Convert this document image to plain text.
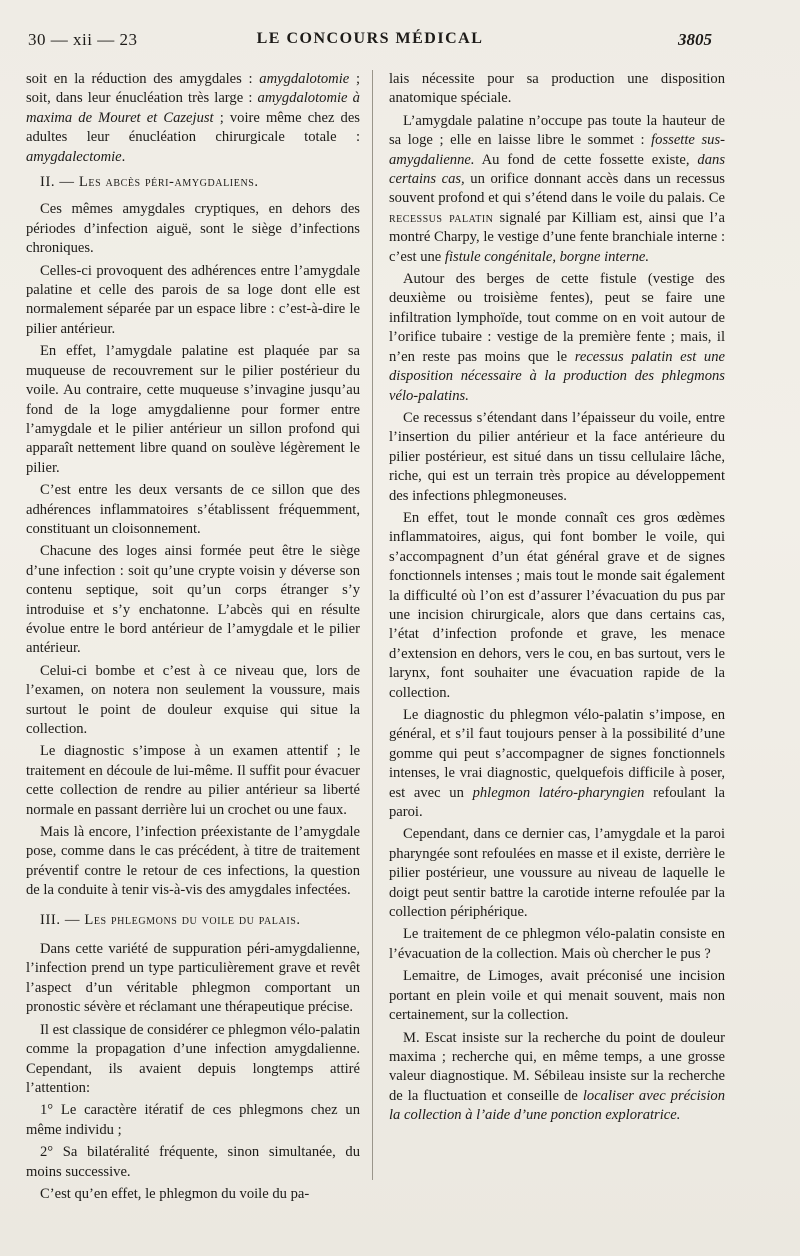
30 — xii — 23	LE CONCOURS MÉDICAL	3805

soit en la réduction des amygdales : amygdalotomie ; soit, dans leur énucléation très large : amygdalotomie à maxima de Mouret et Cazejust ; voire même chez des adultes leur énucléation chirurgicale totale : amygdalectomie.

II. — Les abcès péri-amygdaliens.

Ces mêmes amygdales cryptiques, en dehors des périodes d’infection aiguë, sont le siège d’infections chroniques.

Celles-ci provoquent des adhérences entre l’amygdale palatine et celle des parois de sa loge dont elle est normalement séparée par un espace libre : c’est-à-dire le pilier antérieur.

En effet, l’amygdale palatine est plaquée par sa muqueuse de recouvrement sur le pilier postérieur du voile. Au contraire, cette muqueuse s’invagine jusqu’au fond de la loge amygdalienne pour former entre l’amygdale et le pilier antérieur un sillon profond qui apparaît nettement libre quand on soulève légèrement le pilier.

C’est entre les deux versants de ce sillon que des adhérences inflammatoires s’établissent fréquemment, constituant un cloisonnement.

Chacune des loges ainsi formée peut être le siège d’une infection : soit qu’une crypte voisin y déverse son contenu septique, soit qu’un corps étranger s’y introduise et s’y enchatonne. L’abcès qui en résulte évolue entre le bord antérieur de l’amygdale et le pilier antérieur.

Celui-ci bombe et c’est à ce niveau que, lors de l’examen, on notera non seulement la voussure, mais surtout le point de douleur exquise qui situe la collection.

Le diagnostic s’impose à un examen attentif ; le traitement en découle de lui-même. Il suffit pour évacuer cette collection de rendre au pilier antérieur sa liberté normale en passant derrière lui un crochet ou une faux.

Mais là encore, l’infection préexistante de l’amygdale pose, comme dans le cas précédent, à titre de traitement préventif contre le retour de ces infections, la question de la conduite à tenir vis-à-vis des amygdales infectées.

III. — Les phlegmons du voile du palais.

Dans cette variété de suppuration péri-amygdalienne, l’infection prend un type particulièrement grave et revêt l’aspect d’un véritable phlegmon comportant un pronostic sévère et réclamant une thérapeutique précise.

Il est classique de considérer ce phlegmon vélo-palatin comme la propagation d’une infection amygdalienne. Cependant, ils avaient depuis longtemps attiré l’attention:

1° Le caractère itératif de ces phlegmons chez un même individu ;

2° Sa bilatéralité fréquente, sinon simultanée, du moins successive.

C’est qu’en effet, le phlegmon du voile du pa-

lais nécessite pour sa production une disposition anatomique spéciale.

L’amygdale palatine n’occupe pas toute la hauteur de sa loge ; elle en laisse libre le sommet : fossette sus-amygdalienne. Au fond de cette fossette existe, dans certains cas, un orifice donnant accès dans un recessus souvent profond et qui s’étend dans le voile du palais. Ce recessus palatin signalé par Killiam est, ainsi que l’a montré Charpy, le vestige d’une fente branchiale interne : c’est une fistule congénitale, borgne interne.

Autour des berges de cette fistule (vestige des deuxième ou troisième fentes), peut se faire une infiltration lymphoïde, tout comme on en voit autour de l’orifice tubaire : vestige de la première fente ; mais, il n’en reste pas moins que le recessus palatin est une disposition nécessaire à la production des phlegmons vélo-palatins.

Ce recessus s’étendant dans l’épaisseur du voile, entre l’insertion du pilier antérieur et la face antérieure du pilier postérieur, est situé dans un tissu cellulaire lâche, riche, qui est un terrain très propice au développement des infections phlegmoneuses.

En effet, tout le monde connaît ces gros œdèmes inflammatoires, aigus, qui font bomber le voile, qui s’accompagnent d’un état général grave et de signes fonctionnels intenses ; mais tout le monde sait également la difficulté où l’on est d’assurer l’évacuation du pus par une incision chirurgicale, alors que dans certains cas, l’état d’infection profonde et grave, les menace d’extension en dehors, vers le cou, en bas surtout, vers le larynx, font souhaiter une évacuation rapide de la collection.

Le diagnostic du phlegmon vélo-palatin s’impose, en général, et s’il faut toujours penser à la possibilité d’une gomme qui peut s’accompagner de signes fonctionnels intenses, le vrai diagnostic, quelquefois difficile à poser, est avec un phlegmon latéro-pharyngien refoulant la paroi.

Cependant, dans ce dernier cas, l’amygdale et la paroi pharyngée sont refoulées en masse et il existe, derrière le pilier postérieur, une voussure au niveau de laquelle le doigt peut sentir battre la carotide interne refoulée par la collection périphérique.

Le traitement de ce phlegmon vélo-palatin consiste en l’évacuation de la collection. Mais où chercher le pus ?

Lemaitre, de Limoges, avait préconisé une incision portant en plein voile et qui menait souvent, mais non certainement, sur la collection.

M. Escat insiste sur la recherche du point de douleur maxima ; recherche qui, en même temps, a une grosse valeur diagnostique. M. Sébileau insiste sur la recherche de la fluctuation et conseille de localiser avec précision la collection à l’aide d’une ponction exploratrice.
